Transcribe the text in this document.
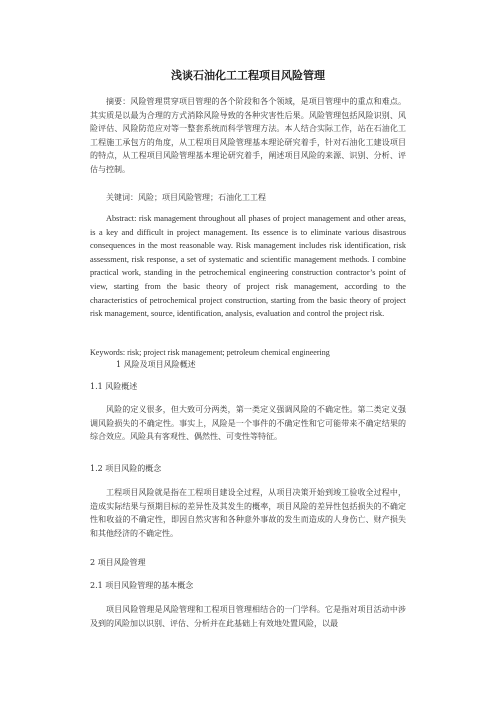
浅谈石油化工工程项目风险管理

摘要：风险管理贯穿项目管理的各个阶段和各个领域，是项目管理中的重点和难点。其实质是以最为合理的方式消除风险导致的各种灾害性后果。风险管理包括风险识别、风险评估、风险防范应对等一整套系统而科学管理方法。本人结合实际工作，站在石油化工工程施工承包方的角度，从工程项目风险管理基本理论研究着手，针对石油化工建设项目的特点，从工程项目风险管理基本理论研究着手，阐述项目风险的来源、识别、分析、评估与控制。

关键词：风险；项目风险管理；石油化工工程

Abstract: risk management throughout all phases of project management and other areas, is a key and difficult in project management. Its essence is to eliminate various disastrous consequences in the most reasonable way. Risk management includes risk identification, risk assessment, risk response, a set of systematic and scientific management methods. I combine practical work, standing in the petrochemical engineering construction contractor’s point of view, starting from the basic theory of project risk management, according to the characteristics of petrochemical project construction, starting from the basic theory of project risk management, source, identification, analysis, evaluation and control the project risk.

Keywords: risk; project risk management; petroleum chemical engineering
1 风险及项目风险概述
1.1 风险概述

风险的定义很多，但大致可分两类，第一类定义强调风险的不确定性。第二类定义强调风险损失的不确定性。事实上，风险是一个事件的不确定性和它可能带来不确定结果的综合效应。风险具有客观性、偶然性、可变性等特征。

1.2 项目风险的概念

工程项目风险就是指在工程项目建设全过程，从项目决策开始到竣工验收全过程中，造成实际结果与预期目标的差异性及其发生的概率，项目风险的差异性包括损失的不确定性和收益的不确定性，即因自然灾害和各种意外事故的发生而造成的人身伤亡、财产损失和其他经济的不确定性。

2 项目风险管理
2.1 项目风险管理的基本概念

项目风险管理是风险管理和工程项目管理相结合的一门学科。它是指对项目活动中涉及到的风险加以识别、评估、分析并在此基础上有效地处置风险，以最
